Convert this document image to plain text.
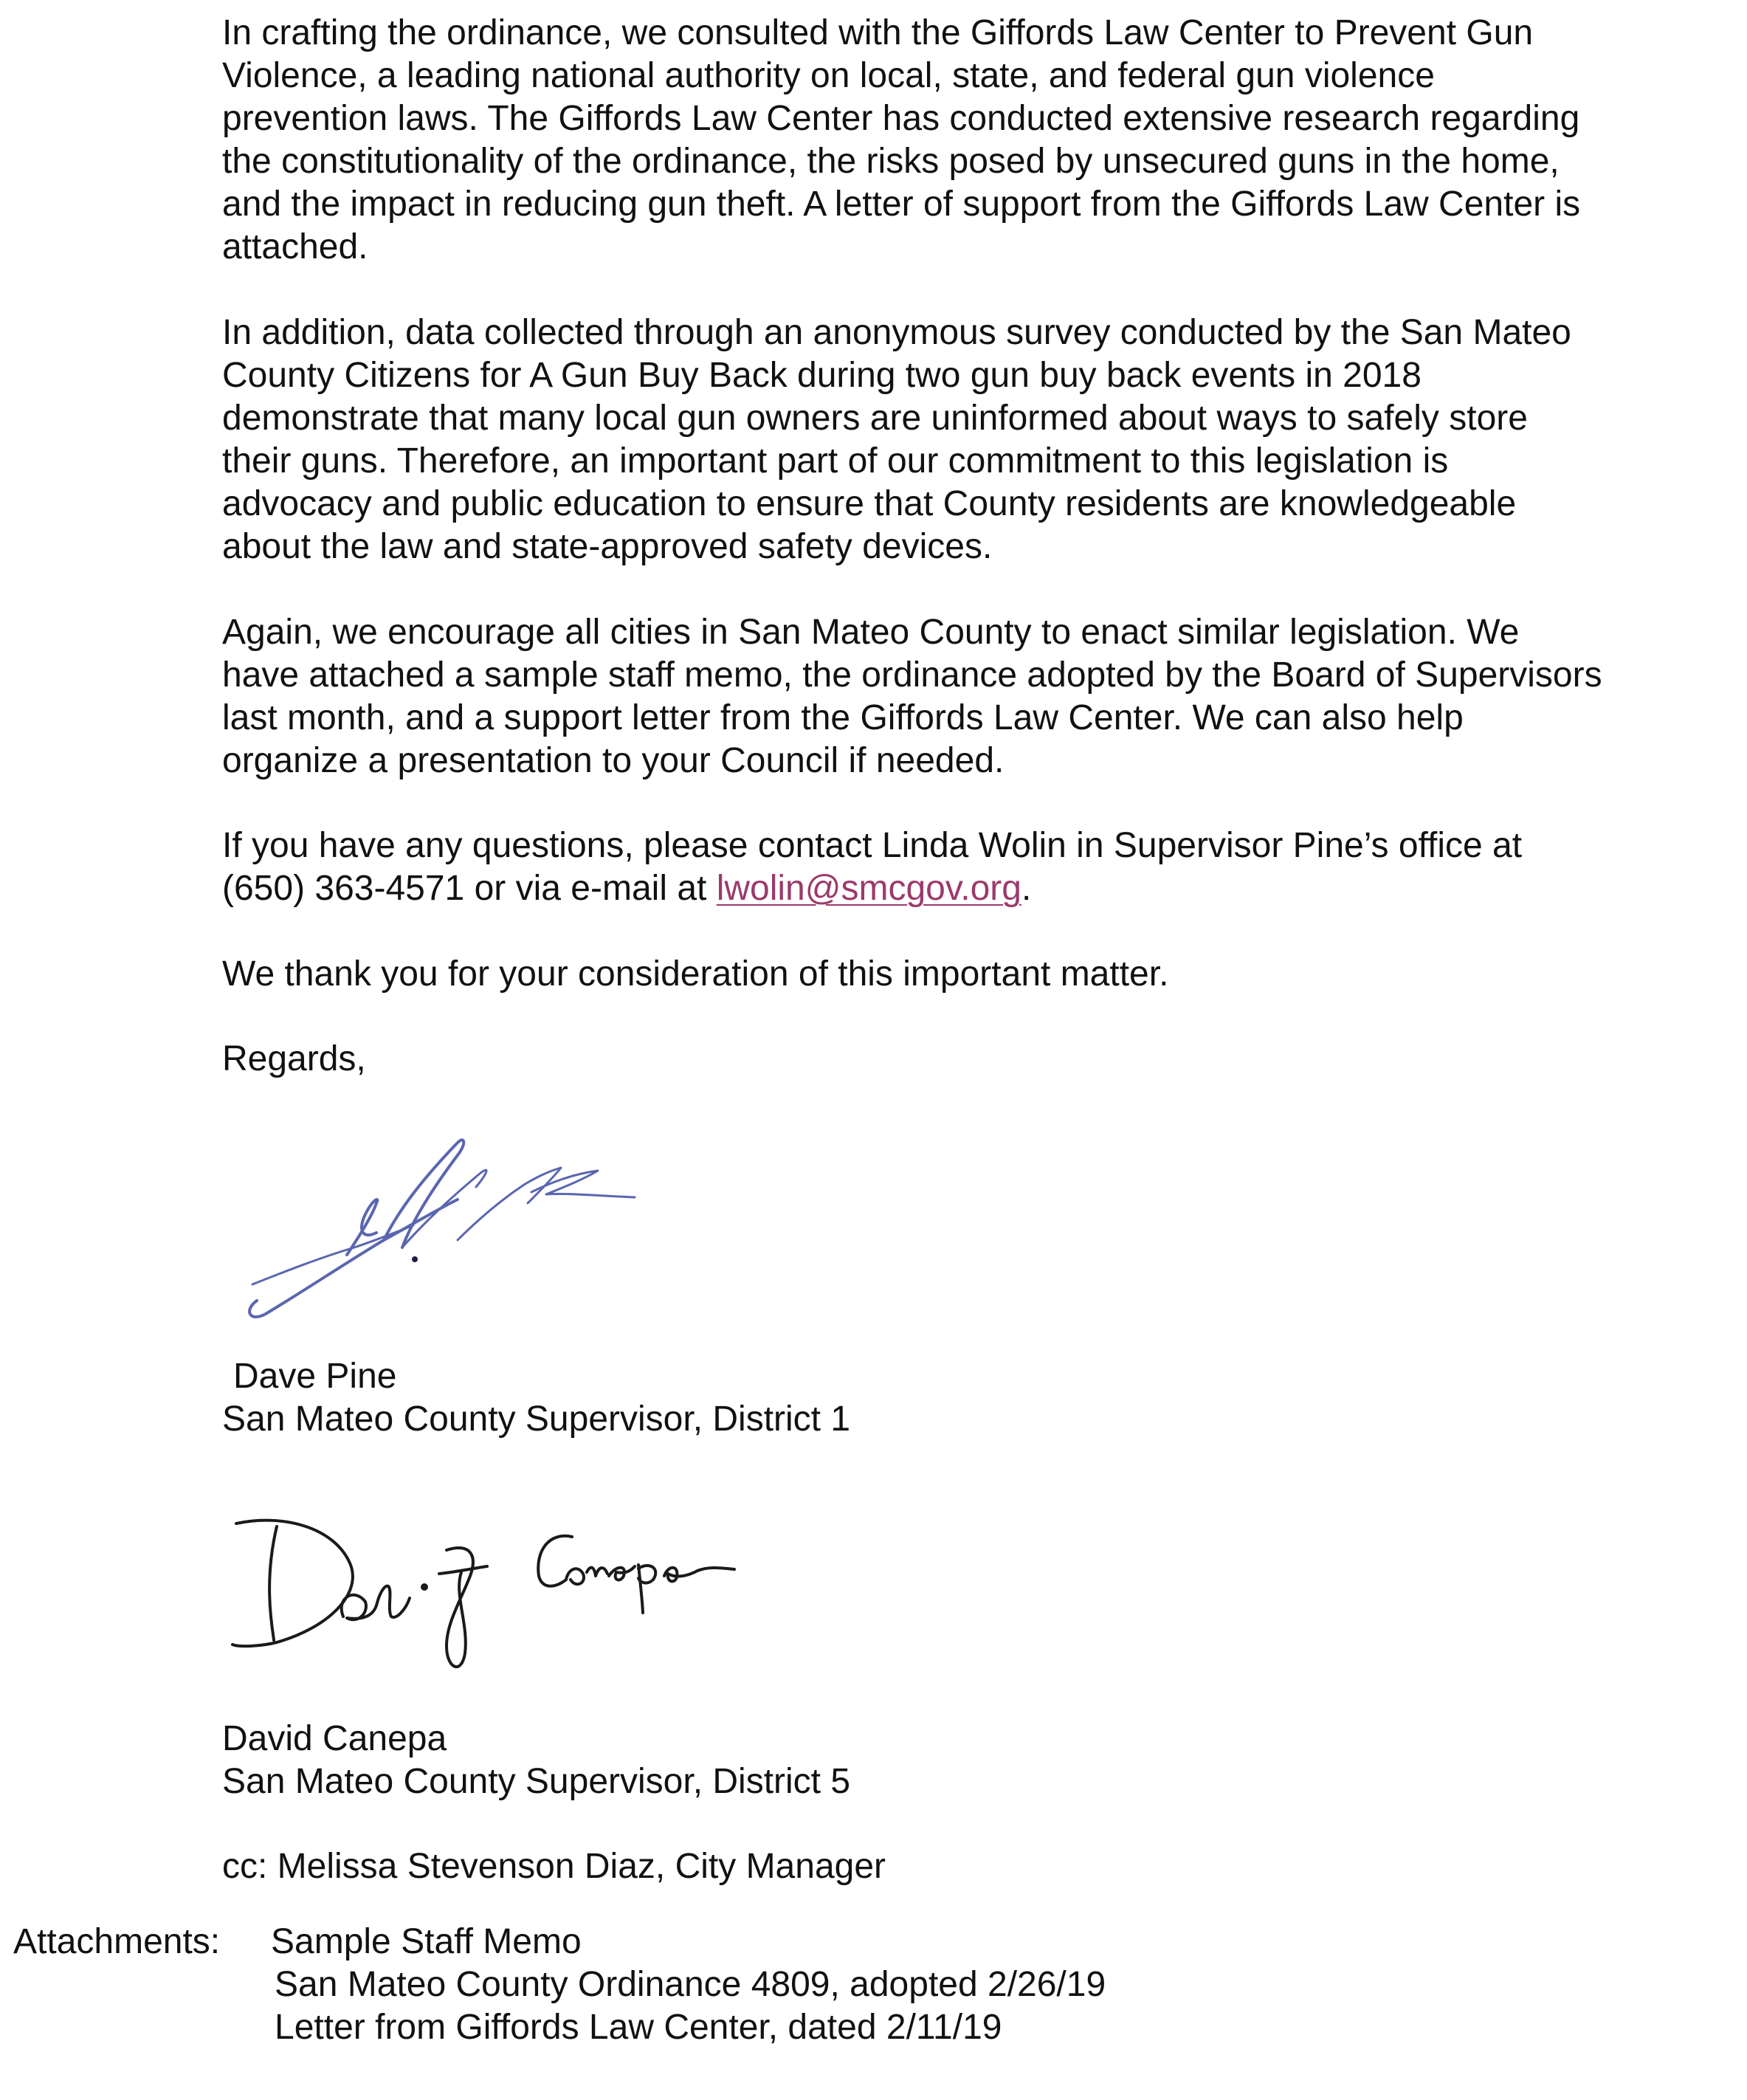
In crafting the ordinance, we consulted with the Giffords Law Center to Prevent Gun
Violence, a leading national authority on local, state, and federal gun violence
prevention laws. The Giffords Law Center has conducted extensive research regarding
the constitutionality of the ordinance, the risks posed by unsecured guns in the home,
and the impact in reducing gun theft. A letter of support from the Giffords Law Center is
attached.

In addition, data collected through an anonymous survey conducted by the San Mateo
County Citizens for A Gun Buy Back during two gun buy back events in 2018
demonstrate that many local gun owners are uninformed about ways to safely store
their guns. Therefore, an important part of our commitment to this legislation is
advocacy and public education to ensure that County residents are knowledgeable
about the law and state-approved safety devices.

Again, we encourage all cities in San Mateo County to enact similar legislation. We
have attached a sample staff memo, the ordinance adopted by the Board of Supervisors
last month, and a support letter from the Giffords Law Center. We can also help
organize a presentation to your Council if needed.

If you have any questions, please contact Linda Wolin in Supervisor Pine’s office at

(650) 363-4571 or via e-mail at lwolin@smcgov.org.

We thank you for your consideration of this important matter.

Regards,

Dave Pine

San Mateo County Supervisor, District 1

David Canepa

San Mateo County Supervisor, District 5

cc: Melissa Stevenson Diaz, City Manager

Attachments: Sample Staff Memo
San Mateo County Ordinance 4809, adopted 2/26/19
Letter from Giffords Law Center, dated 2/11/19
